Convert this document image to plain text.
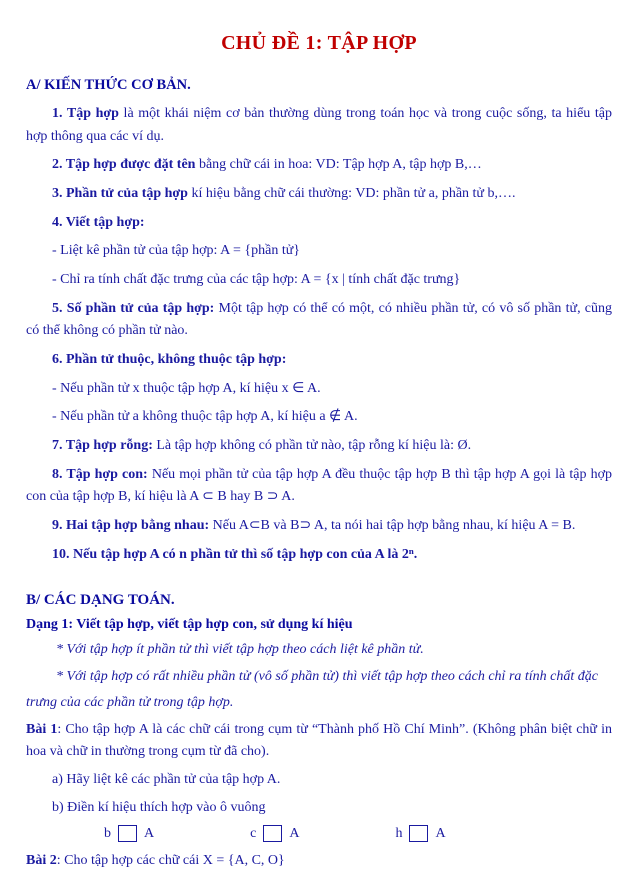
CHỦ ĐỀ 1: TẬP HỢP
A/ KIẾN THỨC CƠ BẢN.

1. Tập hợp là một khái niệm cơ bản thường dùng trong toán học và trong cuộc sống, ta hiểu tập hợp thông qua các ví dụ.

2. Tập hợp được đặt tên bằng chữ cái in hoa: VD: Tập hợp A, tập hợp B,…

3. Phần tử của tập hợp kí hiệu bằng chữ cái thường: VD: phần tử a, phần tử b,….

4. Viết tập hợp:

- Liệt kê phần tử của tập hợp: A = {phần tử}

- Chỉ ra tính chất đặc trưng của các tập hợp: A = {x | tính chất đặc trưng}

5. Số phần tử của tập hợp: Một tập hợp có thể có một, có nhiều phần tử, có vô số phần tử, cũng có thể không có phần tử nào.

6. Phần tử thuộc, không thuộc tập hợp:

- Nếu phần tử x thuộc tập hợp A, kí hiệu x ∈ A.

- Nếu phần tử a không thuộc tập hợp A, kí hiệu a ∉ A.

7. Tập hợp rỗng: Là tập hợp không có phần tử nào, tập rỗng kí hiệu là: Ø.

8. Tập hợp con: Nếu mọi phần tử của tập hợp A đều thuộc tập hợp B thì tập hợp A gọi là tập hợp con của tập hợp B, kí hiệu là A ⊂ B hay B ⊃ A.

9. Hai tập hợp bằng nhau: Nếu A⊂B và B⊃ A, ta nói hai tập hợp bằng nhau, kí hiệu A = B.

10. Nếu tập hợp A có n phần tử thì số tập hợp con của A là 2ⁿ.

B/ CÁC DẠNG TOÁN.
Dạng 1: Viết tập hợp, viết tập hợp con, sử dụng kí hiệu

* Với tập hợp ít phần tử thì viết tập hợp theo cách liệt kê phần tử.

* Với tập hợp có rất nhiều phần tử (vô số phần tử) thì viết tập hợp theo cách chỉ ra tính chất đặc

trưng của các phần tử trong tập hợp.

Bài 1: Cho tập hợp A là các chữ cái trong cụm từ “Thành phố Hồ Chí Minh”. (Không phân biệt chữ in hoa và chữ in thường trong cụm từ đã cho).

a) Hãy liệt kê các phần tử của tập hợp A.

b) Điền kí hiệu thích hợp vào ô vuông

b A	c A	h A

Bài 2: Cho tập hợp các chữ cái X = {A, C, O}
